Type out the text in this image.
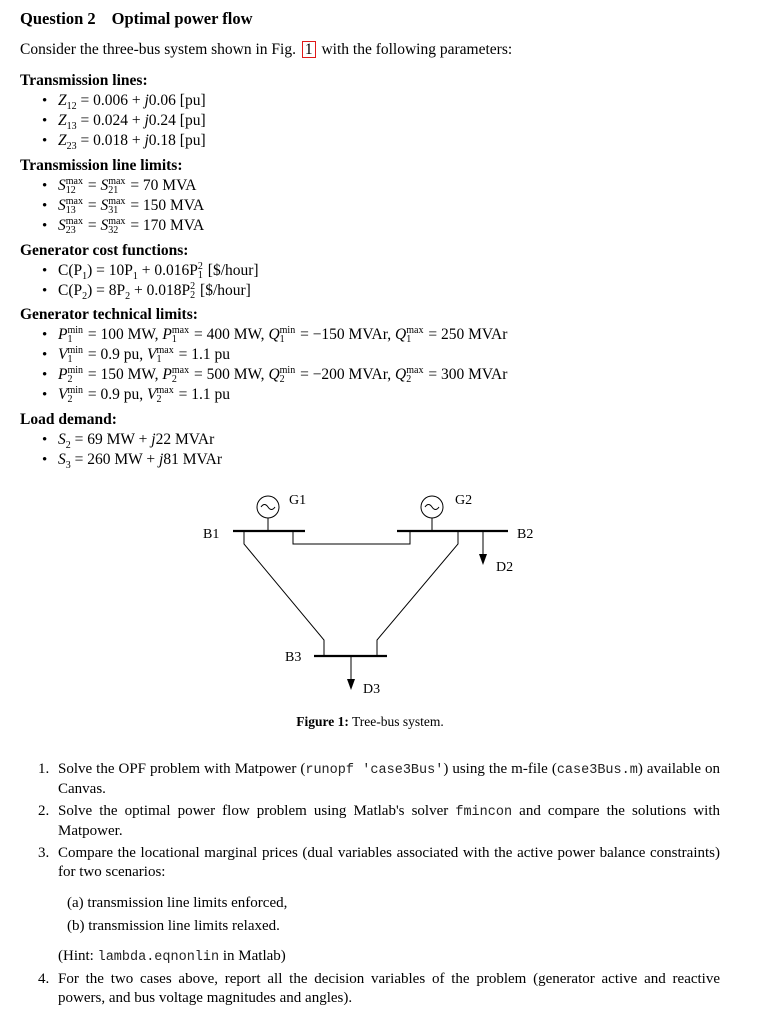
Question 2 Optimal power flow
Consider the three-bus system shown in Fig. 1 with the following parameters:
Transmission lines:
• $Z_{12} = 0.006 + j0.06$ [pu]
• $Z_{13} = 0.024 + j0.24$ [pu]
• $Z_{23} = 0.018 + j0.18$ [pu]
Transmission line limits:
• S max
12 = S max
21 = 70 MVA
• S max
13 = S max
31 = 150 MVA
• S max
23 = S max
32 = 170 MVA
Generator cost functions:
• $C(P_1) = 10P_1 + 0.016P$ 2
1 [$/hour]
• $C(P_2) = 8P_2 + 0.018P$ 2
2 [$/hour]
Generator technical limits:
• P min
1 = 100 MW, P max
1	= 400 MW, Q min
1 = −150 MVAr, Q max
1	= 250 MVAr
• V min
1 = 0.9 pu, V max
1	= 1.1 pu
• P min
2 = 150 MW, P max
2	= 500 MW, Q min
2 = −200 MVAr, Q max
2	= 300 MVAr
• V min
2 = 0.9 pu, V max
2	= 1.1 pu
Load demand:
• $S_2 = 69$ MW + j22 MVAr
• $S_3 = 260$ MW + j81 MVAr
G1	G2
B1	B2
D2
B3
D3
Figure 1: Tree-bus system.
1. Solve the OPF problem with Matpower (runopf 'case3Bus') using the m-file (case3Bus.m) available on Canvas.
2. Solve the optimal power flow problem using Matlab's solver fmincon and compare the solutions with Matpower.
3. Compare the locational marginal prices (dual variables associated with the active power balance constraints) for two scenarios:
(a) transmission line limits enforced,
(b) transmission line limits relaxed.
(Hint: lambda.eqnonlin in Matlab)
4. For the two cases above, report all the decision variables of the problem (generator active and reactive powers, and bus voltage magnitudes and angles).
